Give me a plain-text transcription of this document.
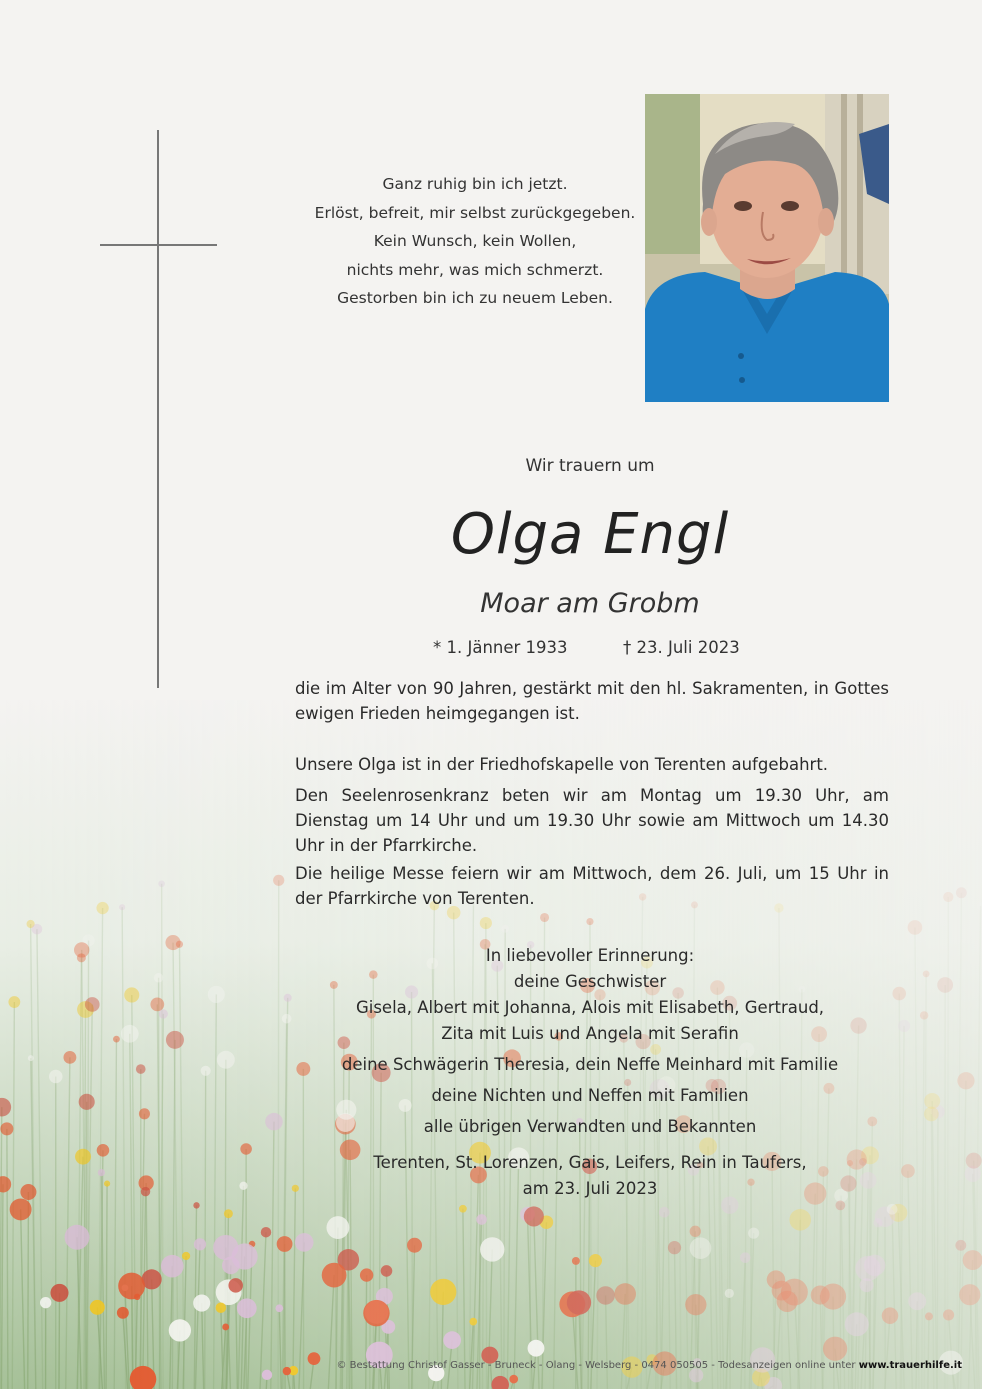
Ganz ruhig bin ich jetzt.
Erlöst, befreit, mir selbst zurückgegeben.
Kein Wunsch, kein Wollen,
nichts mehr, was mich schmerzt.
Gestorben bin ich zu neuem Leben.
Wir trauern um
Olga Engl
Moar am Grobm
* 1. Jänner 1933	† 23. Juli 2023
die im Alter von 90 Jahren, gestärkt mit den hl. Sakramenten, in Gottes ewigen Frieden heimgegangen ist.
Unsere Olga ist in der Friedhofskapelle von Terenten aufgebahrt.
Den Seelenrosenkranz beten wir am Montag um 19.30 Uhr, am Dienstag um 14 Uhr und um 19.30 Uhr sowie am Mittwoch um 14.30 Uhr in der Pfarrkirche.
Die heilige Messe feiern wir am Mittwoch, dem 26. Juli, um 15 Uhr in der Pfarrkirche von Terenten.
In liebevoller Erinnerung:
deine Geschwister
Gisela, Albert mit Johanna, Alois mit Elisabeth, Gertraud,
Zita mit Luis und Angela mit Serafin
deine Schwägerin Theresia, dein Neffe Meinhard mit Familie
deine Nichten und Neffen mit Familien
alle übrigen Verwandten und Bekannten
Terenten, St. Lorenzen, Gais, Leifers, Rein in Taufers,
am 23. Juli 2023
© Bestattung Christof Gasser - Bruneck - Olang - Welsberg - 0474 050505 - Todesanzeigen online unter www.trauerhilfe.it
